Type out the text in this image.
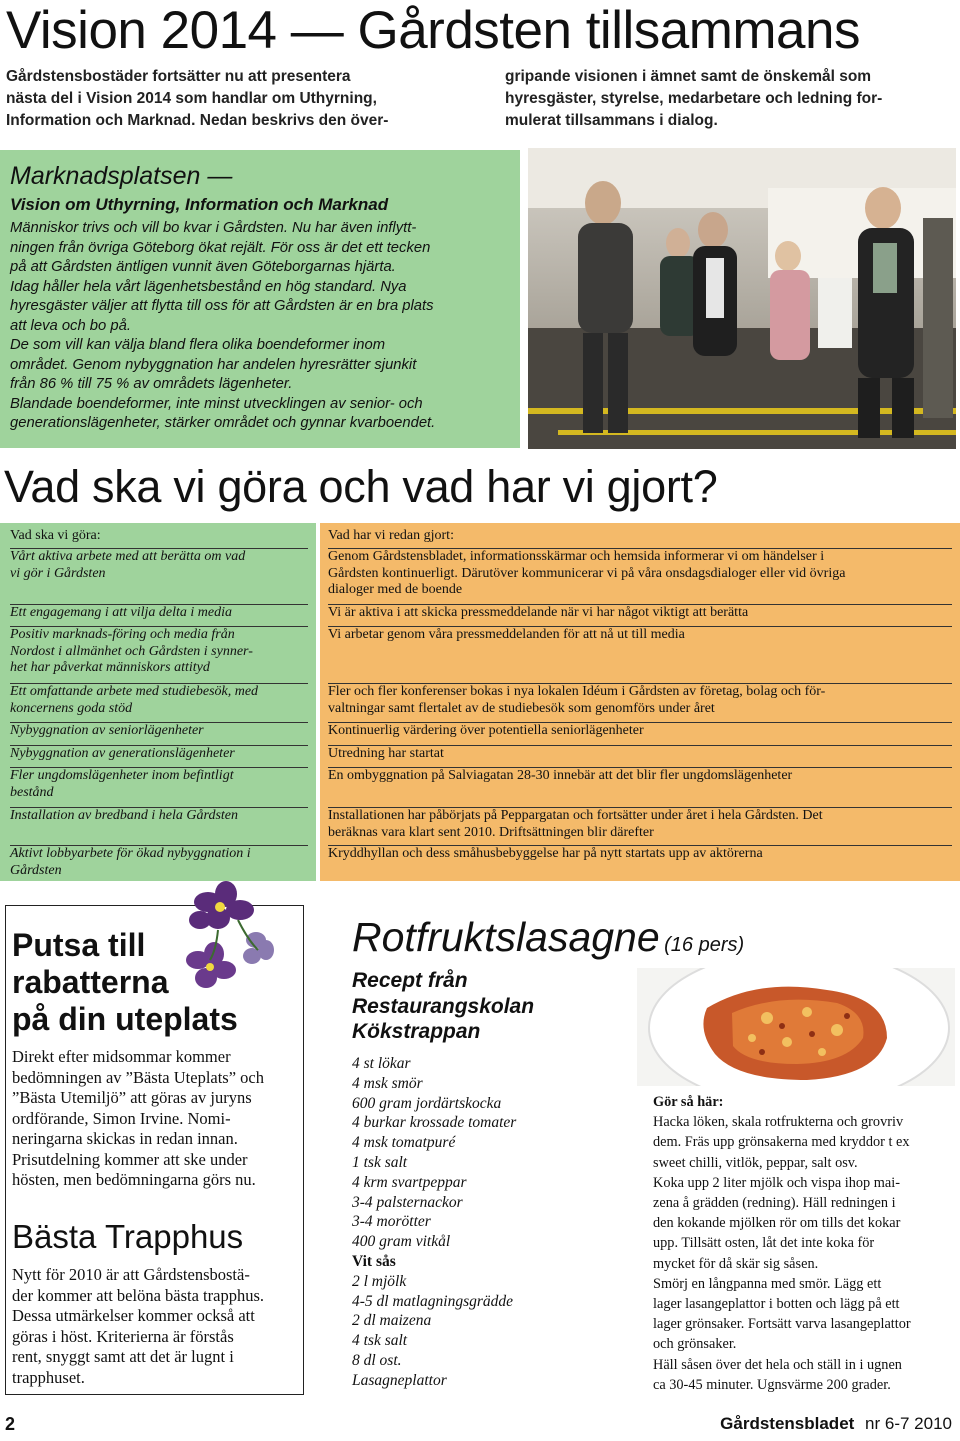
Vision 2014 — Gårdsten tillsammans
Gårdstensbostäder fortsätter nu att presentera
nästa del i Vision 2014 som handlar om Uthyrning,
Information och Marknad. Nedan beskrivs den över-
gripande visionen i ämnet samt de önskemål som
hyresgäster, styrelse, medarbetare och ledning for-
mulerat tillsammans i dialog.
Marknadsplatsen —
Vision om Uthyrning, Information och Marknad

Människor trivs och vill bo kvar i Gårdsten. Nu har även inflytt-

ningen från övriga Göteborg ökat rejält. För oss är det ett tecken

på att Gårdsten äntligen vunnit även Göteborgarnas hjärta.

Idag håller hela vårt lägenhetsbestånd en hög standard. Nya

hyresgäster väljer att flytta till oss för att Gårdsten är en bra plats

att leva och bo på.

De som vill kan välja bland flera olika boendeformer inom

området. Genom nybyggnation har andelen hyresrätter sjunkit

från 86 % till 75 % av områdets lägenheter.

Blandade boendeformer, inte minst utvecklingen av senior- och

generationslägenheter, stärker området och gynnar kvarboendet.

Vad ska vi göra och vad har vi gjort?
Vad ska vi göra:
Vårt aktiva arbete med att berätta om vad
vi gör i Gårdsten
Ett engagemang i att vilja delta i media
Positiv marknads-föring och media från
Nordost i allmänhet och Gårdsten i synner-
het har påverkat människors attityd
Ett omfattande arbete med studiebesök, med
koncernens goda stöd
Nybyggnation av seniorlägenheter
Nybyggnation av generationslägenheter
Fler ungdomslägenheter inom befintligt
bestånd
Installation av bredband i hela Gårdsten
Aktivt lobbyarbete för ökad nybyggnation i
Gårdsten
Vad har vi redan gjort:
Genom Gårdstensbladet, informationsskärmar och hemsida informerar vi om händelser i
Gårdsten kontinuerligt. Därutöver kommunicerar vi på våra onsdagsdialoger eller vid övriga
dialoger med de boende
Vi är aktiva i att skicka pressmeddelande när vi har något viktigt att berätta
Vi arbetar genom våra pressmeddelanden för att nå ut till media
Fler och fler konferenser bokas i nya lokalen Idéum i Gårdsten av företag, bolag och för-
valtningar samt flertalet av de studiebesök som genomförs under året
Kontinuerlig värdering över potentiella seniorlägenheter
Utredning har startat
En ombyggnation på Salviagatan 28-30 innebär att det blir fler ungdomslägenheter
Installationen har påbörjats på Peppargatan och fortsätter under året i hela Gårdsten. Det
beräknas vara klart sent 2010. Driftsättningen blir därefter
Kryddhyllan och dess småhusbebyggelse har på nytt startats upp av aktörerna
Putsa till
rabatterna
på din uteplats
Direkt efter midsommar kommer
bedömningen av ”Bästa Uteplats” och
”Bästa Utemiljö” att göras av juryns
ordförande, Simon Irvine. Nomi-
neringarna skickas in redan innan.
Prisutdelning kommer att ske under
hösten, men bedömningarna görs nu.
Bästa Trapphus
Nytt för 2010 är att Gårdstensbostä-
der kommer att belöna bästa trapphus.
Dessa utmärkelser kommer också att
göras i höst. Kriterierna är förstås
rent, snyggt samt att det är lugnt i
trapphuset.
Rotfruktslasagne (16 pers)
Recept från
Restaurangskolan
Kökstrappan
4 st lökar
4 msk smör
600 gram jordärtskocka
4 burkar krossade tomater
4 msk tomatpuré
1 tsk salt
4 krm svartpeppar
3-4 palsternackor
3-4 morötter
400 gram vitkål
Vit sås
2 l mjölk
4-5 dl matlagningsgrädde
2 dl maizena
4 tsk salt
8 dl ost.
Lasagneplattor
Gör så här:
Hacka löken, skala rotfrukterna och grovriv
dem. Fräs upp grönsakerna med kryddor t ex
sweet chilli, vitlök, peppar, salt osv.
Koka upp 2 liter mjölk och vispa ihop mai-
zena å grädden (redning). Häll redningen i
den kokande mjölken rör om tills det kokar
upp. Tillsätt osten, låt det inte koka för
mycket för då skär sig såsen.
Smörj en långpanna med smör. Lägg ett
lager lasangeplattor i botten och lägg på ett
lager grönsaker. Fortsätt varva lasangeplattor
och grönsaker.
Häll såsen över det hela och ställ in i ugnen
ca 30-45 minuter. Ugnsvärme 200 grader.
2	Gårdstensbladet nr 6-7 2010
